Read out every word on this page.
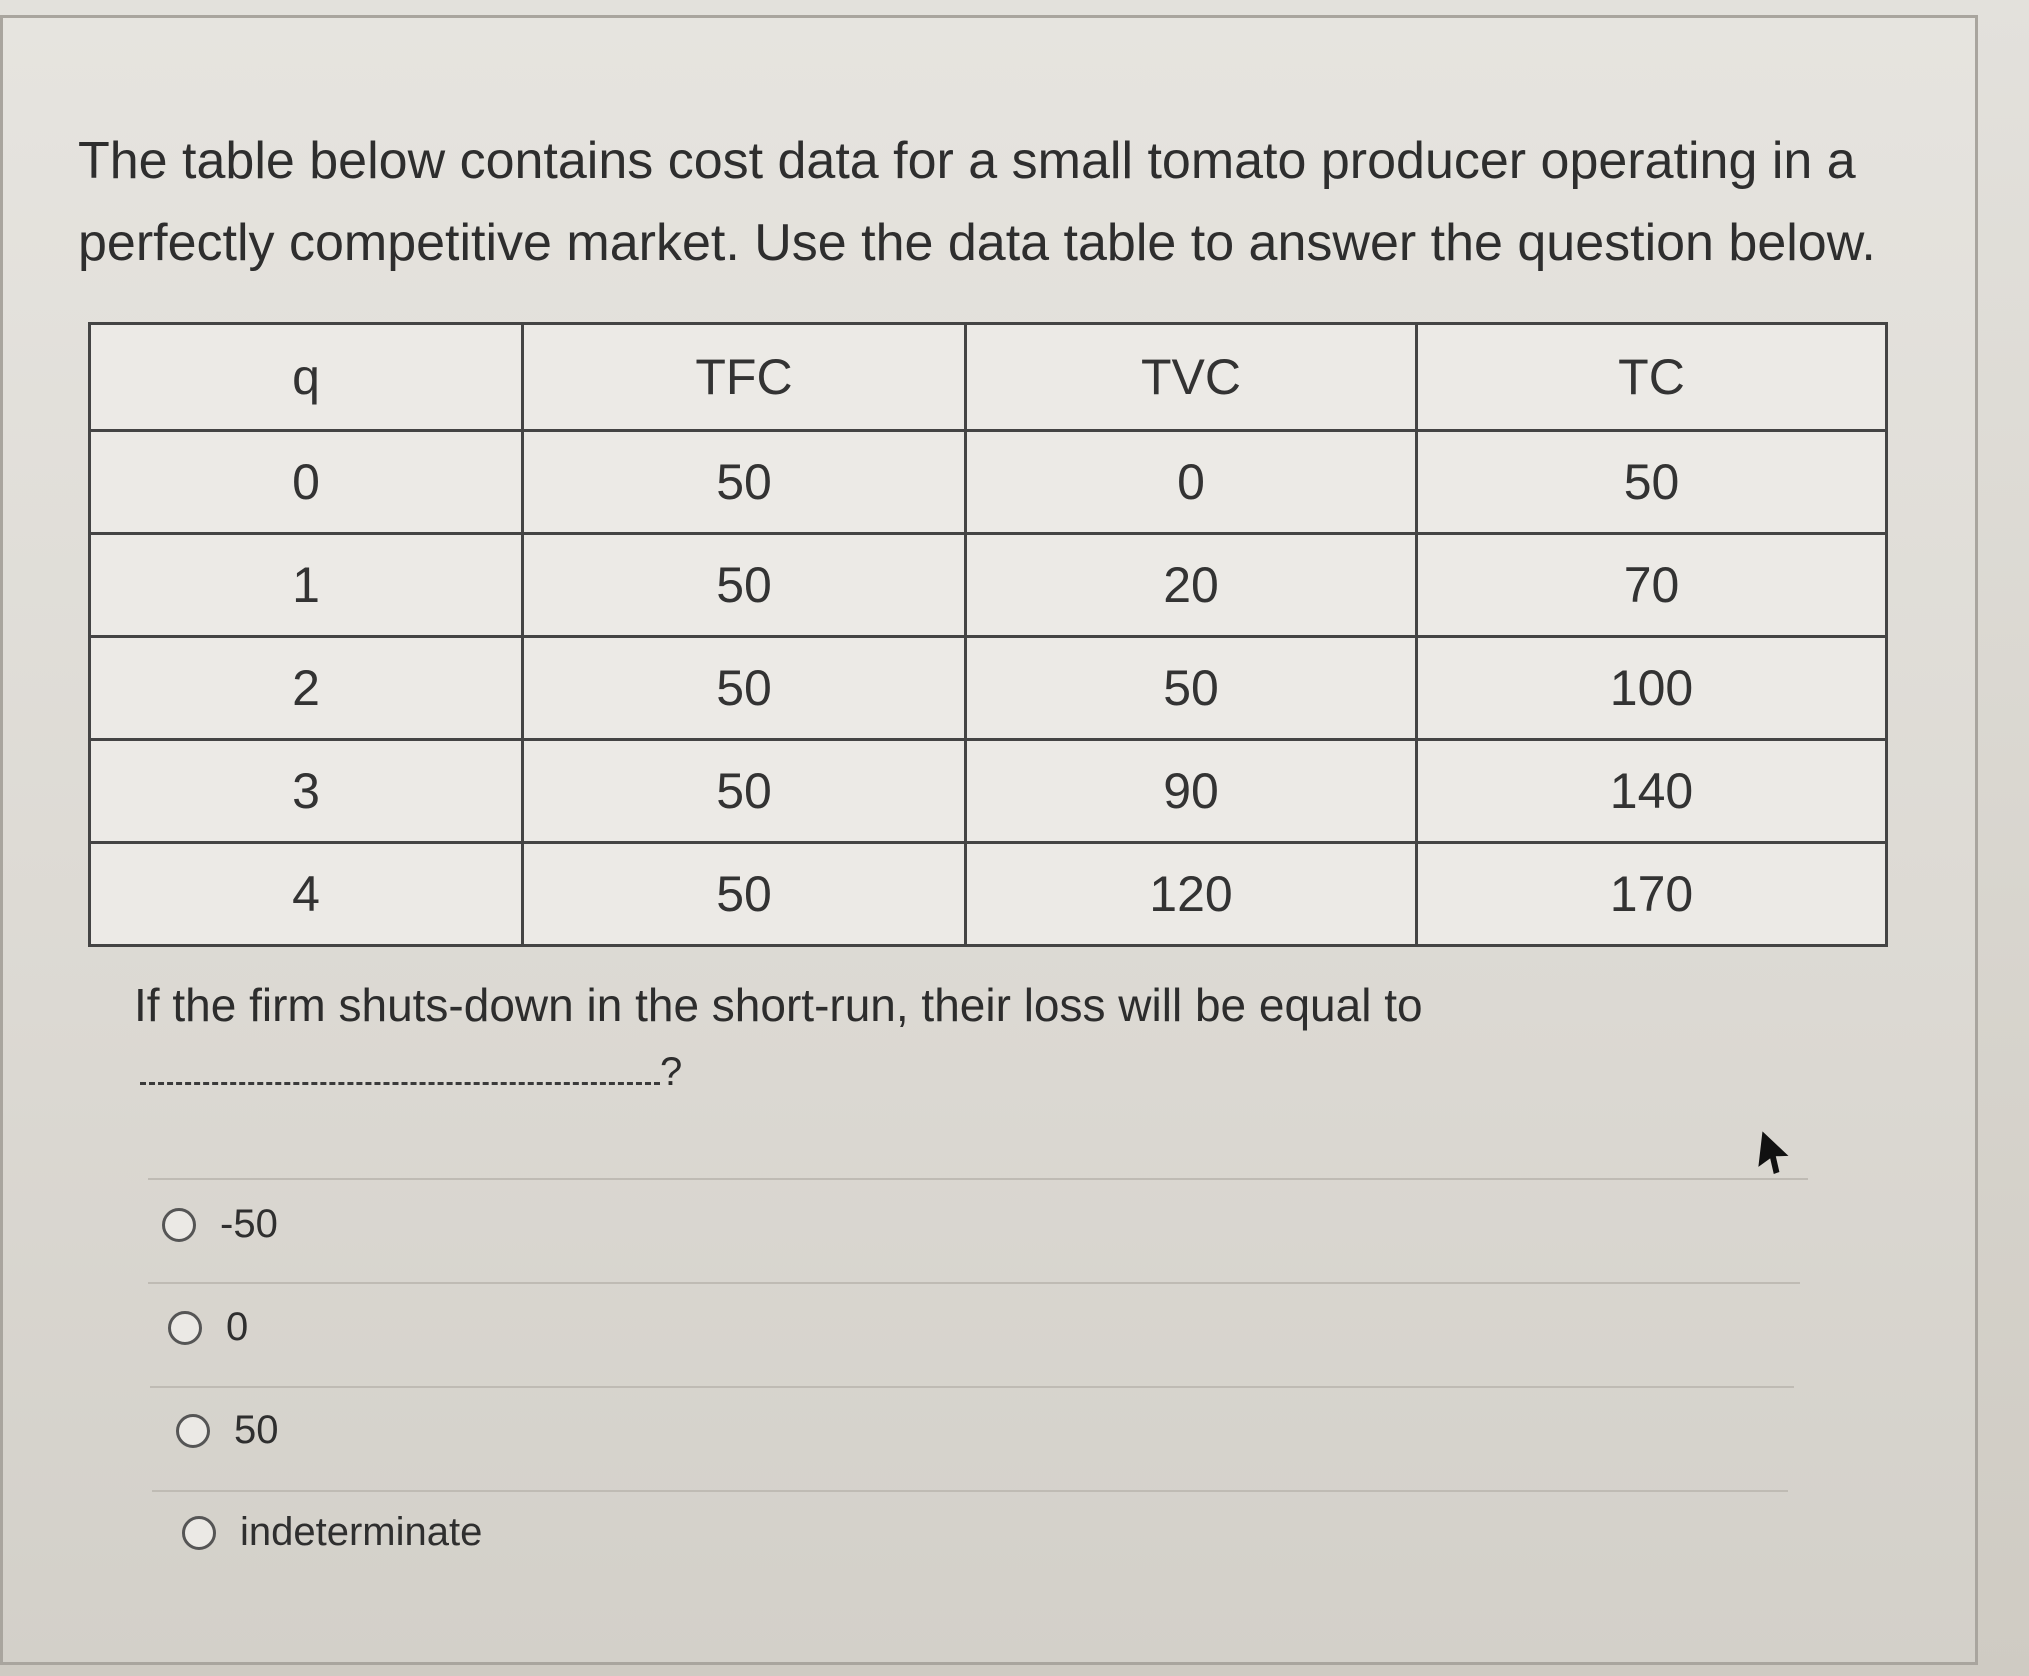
The table below contains cost data for a small tomato producer operating in a perfectly competitive market. Use the data table to answer the question below.

q	TFC	TVC	TC
0	50	0	50
1	50	20	70
2	50	50	100
3	50	90	140
4	50	120	170

If the firm shuts-down in the short-run, their loss will be equal to

?
-50
0
50
indeterminate
